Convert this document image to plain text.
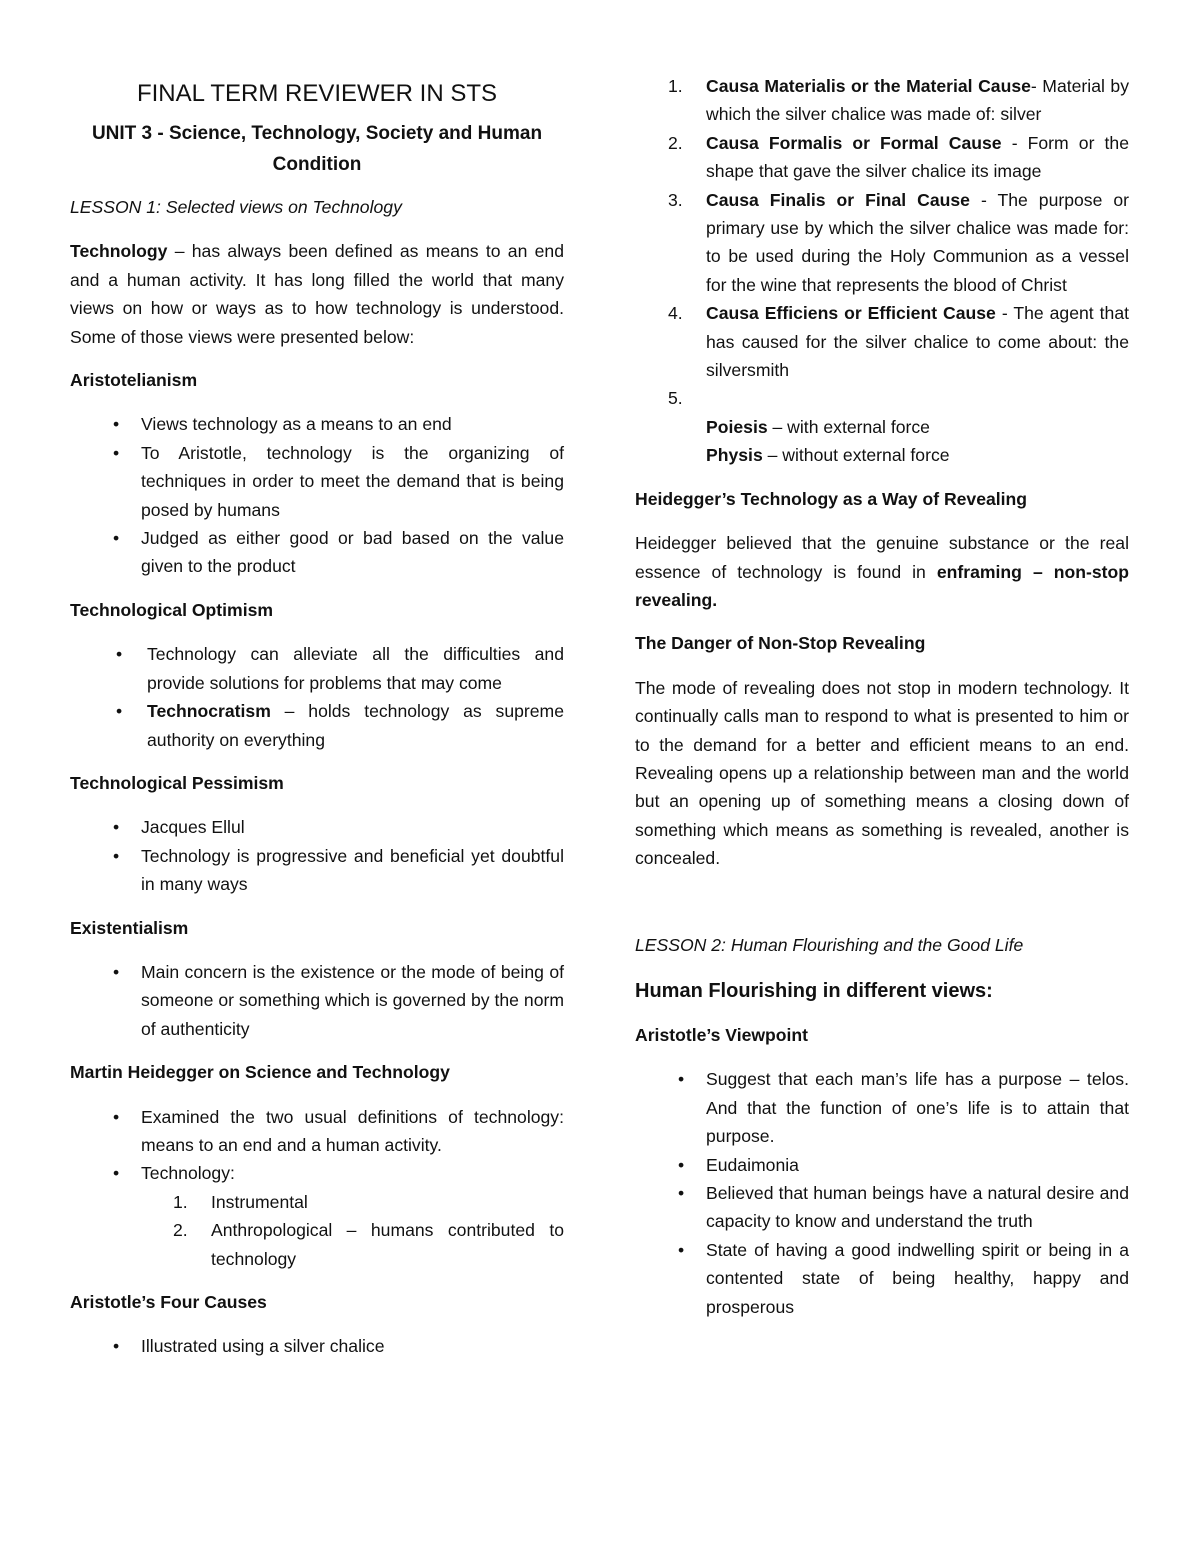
FINAL TERM REVIEWER IN STS

UNIT 3 - Science, Technology, Society and Human Condition

LESSON 1: Selected views on Technology

Technology – has always been defined as means to an end and a human activity. It has long filled the world that many views on how or ways as to how technology is understood. Some of those views were presented below:

Aristotelianism

• Views technology as a means to an end
• To Aristotle, technology is the organizing of techniques in order to meet the demand that is being posed by humans
• Judged as either good or bad based on the value given to the product

Technological Optimism

• Technology can alleviate all the difficulties and provide solutions for problems that may come
• Technocratism – holds technology as supreme authority on everything

Technological Pessimism

• Jacques Ellul
• Technology is progressive and beneficial yet doubtful in many ways

Existentialism

• Main concern is the existence or the mode of being of someone or something which is governed by the norm of authenticity

Martin Heidegger on Science and Technology

• Examined the two usual definitions of technology: means to an end and a human activity.
• Technology:
1. Instrumental
2. Anthropological – humans contributed to technology

Aristotle’s Four Causes

• Illustrated using a silver chalice
1. Causa Materialis or the Material Cause- Material by which the silver chalice was made of: silver
2. Causa Formalis or Formal Cause - Form or the shape that gave the silver chalice its image
3. Causa Finalis or Final Cause - The purpose or primary use by which the silver chalice was made for: to be used during the Holy Communion as a vessel for the wine that represents the blood of Christ
4. Causa Efficiens or Efficient Cause - The agent that has caused for the silver chalice to come about: the silversmith
5.

Poiesis – with external force
Physis – without external force

Heidegger’s Technology as a Way of Revealing

Heidegger believed that the genuine substance or the real essence of technology is found in enframing – non-stop revealing.

The Danger of Non-Stop Revealing

The mode of revealing does not stop in modern technology. It continually calls man to respond to what is presented to him or to the demand for a better and efficient means to an end. Revealing opens up a relationship between man and the world but an opening up of something means a closing down of something which means as something is revealed, another is concealed.

LESSON 2: Human Flourishing and the Good Life

Human Flourishing in different views:

Aristotle’s Viewpoint

• Suggest that each man’s life has a purpose – telos. And that the function of one’s life is to attain that purpose.
• Eudaimonia
• Believed that human beings have a natural desire and capacity to know and understand the truth
• State of having a good indwelling spirit or being in a contented state of being healthy, happy and prosperous
